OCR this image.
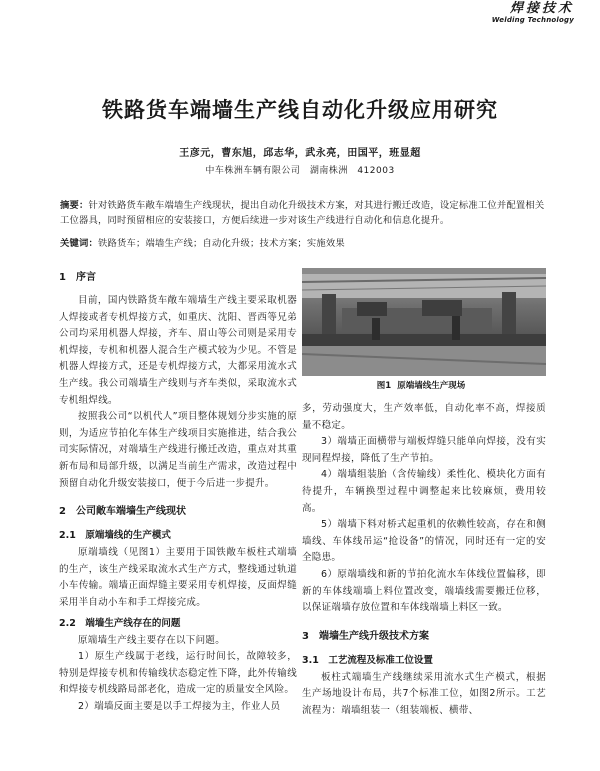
焊接技术
Welding Technology
铁路货车端墙生产线自动化升级应用研究
王彦元，曹东旭，邱志华，武永亮，田国平，班显超
中车株洲车辆有限公司　湖南株洲　412003

摘要：针对铁路货车敞车端墙生产线现状，提出自动化升级技术方案，对其进行搬迁改造，设定标准工位并配置相关工位器具，同时预留相应的安装接口，方便后续进一步对该生产线进行自动化和信息化提升。

关键词：铁路货车；端墙生产线；自动化升级；技术方案；实施效果

1　序言

目前，国内铁路货车敞车端墙生产线主要采取机器人焊接或者专机焊接方式，如重庆、沈阳、晋西等兄弟公司均采用机器人焊接，齐车、眉山等公司则是采用专机焊接，专机和机器人混合生产模式较为少见。不管是机器人焊接方式，还是专机焊接方式，大都采用流水式生产线。我公司端墙生产线则与齐车类似，采取流水式专机组焊线。

按照我公司“以机代人”项目整体规划分步实施的原则，为适应节拍化车体生产线项目实施推进，结合我公司实际情况，对端墙生产线进行搬迁改造，重点对其重新布局和局部升级，以满足当前生产需求，改造过程中预留自动化升级安装接口，便于今后进一步提升。

2　公司敞车端墙生产线现状
2.1　原端墙线的生产模式

原端墙线（见图1）主要用于国铁敞车板柱式端墙的生产，该生产线采取流水式生产方式，整线通过轨道小车传输。端墙正面焊缝主要采用专机焊接，反面焊缝采用半自动小车和手工焊接完成。

2.2　端墙生产线存在的问题

原端墙生产线主要存在以下问题。

1）原生产线属于老线，运行时间长，故障较多，特别是焊接专机和传输线状态稳定性下降，此外传输线和焊接专机线路局部老化，造成一定的质量安全风险。

2）端墙反面主要是以手工焊接为主，作业人员

图1 原端墙线生产现场

多，劳动强度大，生产效率低，自动化率不高，焊接质量不稳定。

3）端墙正面横带与端板焊缝只能单向焊接，没有实现同程焊接，降低了生产节拍。

4）端墙组装胎（含传输线）柔性化、模块化方面有待提升，车辆换型过程中调整起来比较麻烦，费用较高。

5）端墙下料对桥式起重机的依赖性较高，存在和侧墙线、车体线吊运“抢设备”的情况，同时还有一定的安全隐患。

6）原端墙线和新的节拍化流水车体线位置偏移，即新的车体线端墙上料位置改变，端墙线需要搬迁位移，以保证端墙存放位置和车体线端墙上料区一致。

3　端墙生产线升级技术方案
3.1　工艺流程及标准工位设置

板柱式端墙生产线继续采用流水式生产模式，根据生产场地设计布局，共7个标准工位，如图2所示。工艺流程为：端墙组装一（组装端板、横带、
